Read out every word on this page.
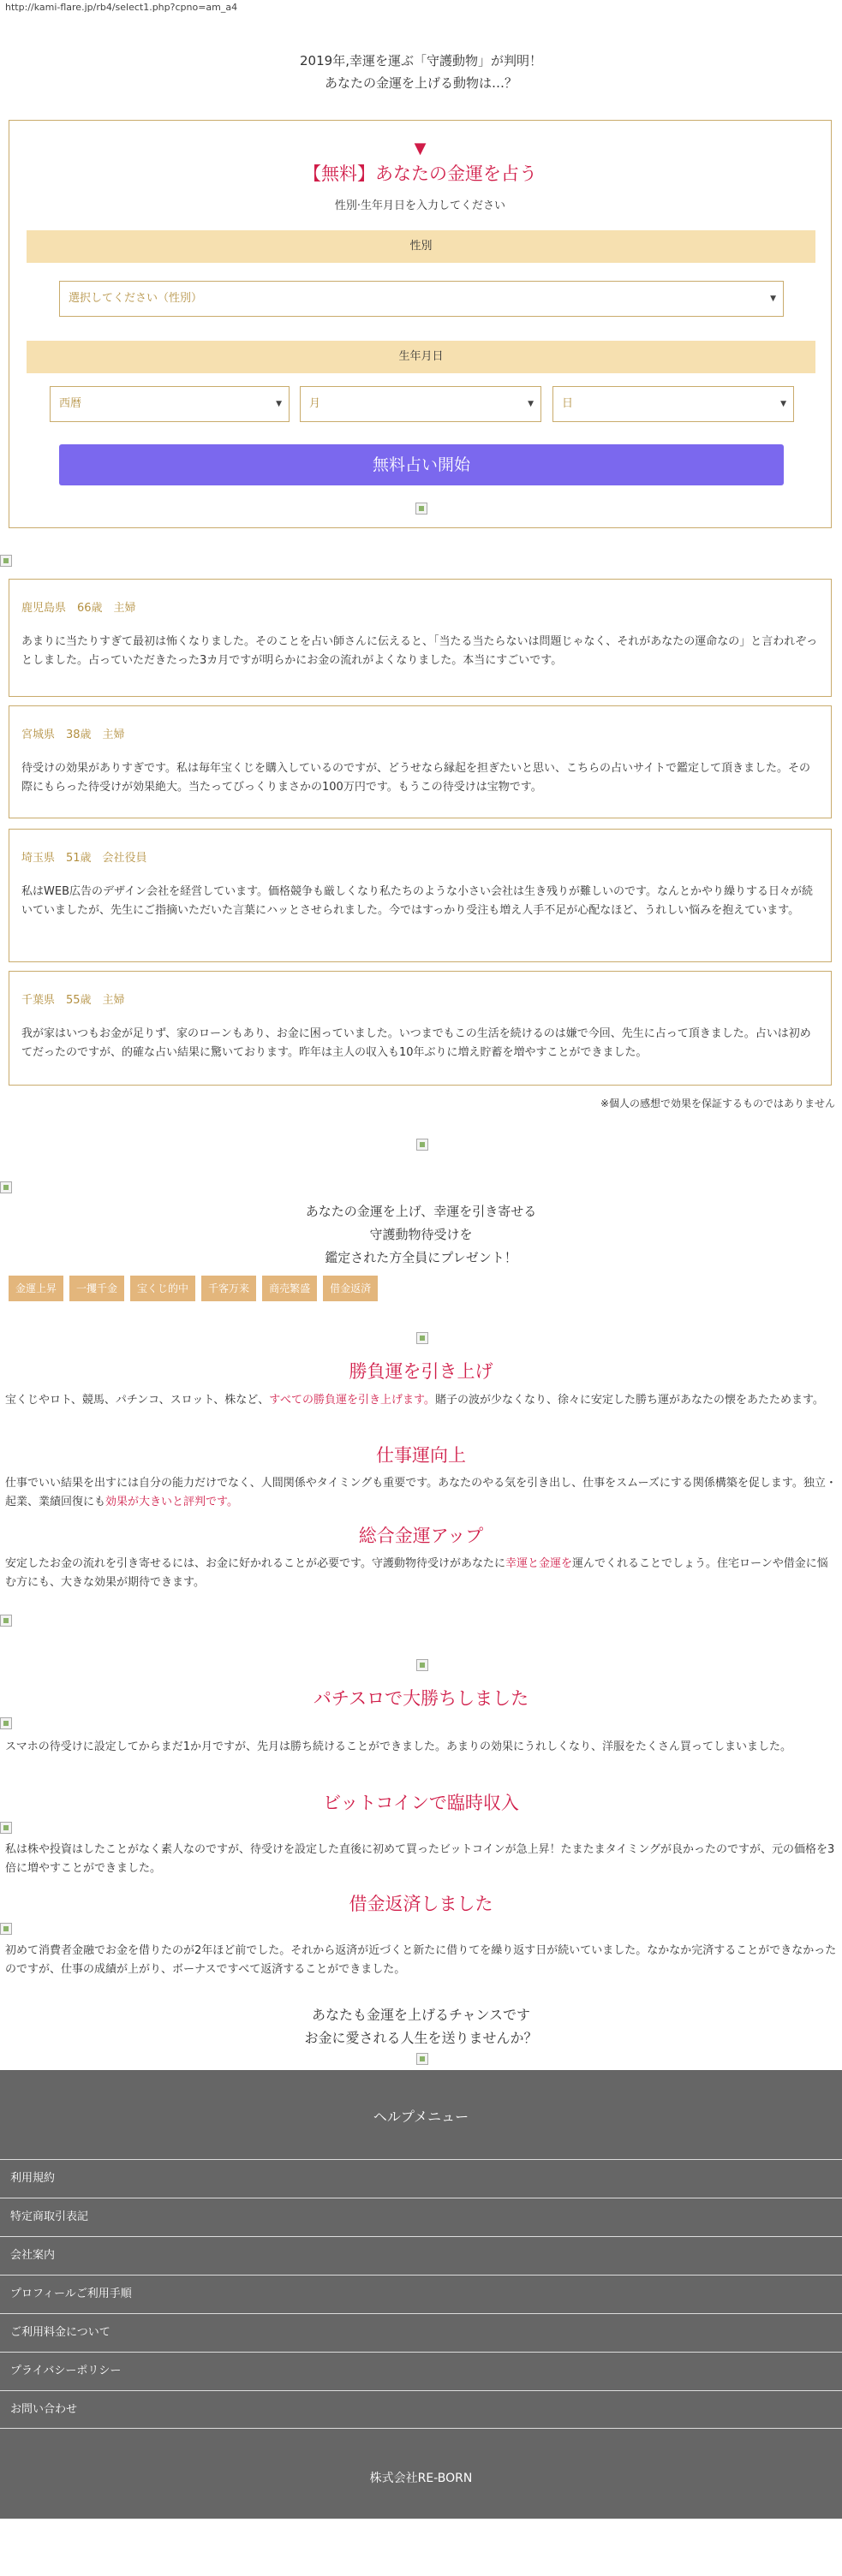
http://kami-flare.jp/rb4/select1.php?cpno=am_a4
2019年,幸運を運ぶ「守護動物」が判明！
あなたの金運を上げる動物は…？
▼
【無料】あなたの金運を占う
性別·生年月日を入力してください
性別
選択してください（性別）	▼
生年月日
西暦	▼	月	▼	日	▼
無料占い開始
鹿児島県　66歳　主婦
あまりに当たりすぎて最初は怖くなりました。そのことを占い師さんに伝えると、「当たる当たらないは問題じゃなく、それがあなたの運命なの」と言われぞっとしました。占っていただきたった3カ月ですが明らかにお金の流れがよくなりました。本当にすごいです。
宮城県　38歳　主婦
待受けの効果がありすぎです。私は毎年宝くじを購入しているのですが、どうせなら縁起を担ぎたいと思い、こちらの占いサイトで鑑定して頂きました。その際にもらった待受けが効果絶大。当たってびっくりまさかの100万円です。もうこの待受けは宝物です。
埼玉県　51歳　会社役員
私はWEB広告のデザイン会社を経営しています。価格競争も厳しくなり私たちのような小さい会社は生き残りが難しいのです。なんとかやり繰りする日々が続いていましたが、先生にご指摘いただいた言葉にハッとさせられました。今ではすっかり受注も増え人手不足が心配なほど、うれしい悩みを抱えています。
千葉県　55歳　主婦
我が家はいつもお金が足りず、家のローンもあり、お金に困っていました。いつまでもこの生活を続けるのは嫌で今回、先生に占って頂きました。占いは初めてだったのですが、的確な占い結果に驚いております。昨年は主人の収入も10年ぶりに増え貯蓄を増やすことができました。
※個人の感想で効果を保証するものではありません
あなたの金運を上げ、幸運を引き寄せる
守護動物待受けを
鑑定された方全員にプレゼント！
金運上昇	一攫千金	宝くじ的中	千客万来	商売繁盛	借金返済
勝負運を引き上げ
宝くじやロト、競馬、パチンコ、スロット、株など、すべての勝負運を引き上げます。賭子の波が少なくなり、徐々に安定した勝ち運があなたの懐をあたためます。
仕事運向上
仕事でいい結果を出すには自分の能力だけでなく、人間関係やタイミングも重要です。あなたのやる気を引き出し、仕事をスムーズにする関係構築を促します。独立・起業、業績回復にも効果が大きいと評判です。
総合金運アップ
安定したお金の流れを引き寄せるには、お金に好かれることが必要です。守護動物待受けがあなたに幸運と金運を運んでくれることでしょう。住宅ローンや借金に悩む方にも、大きな効果が期待できます。
パチスロで大勝ちしました
スマホの待受けに設定してからまだ1か月ですが、先月は勝ち続けることができました。あまりの効果にうれしくなり、洋服をたくさん買ってしまいました。
ビットコインで臨時収入
私は株や投資はしたことがなく素人なのですが、待受けを設定した直後に初めて買ったビットコインが急上昇！たまたまタイミングが良かったのですが、元の価格を3倍に増やすことができました。
借金返済しました
初めて消費者金融でお金を借りたのが2年ほど前でした。それから返済が近づくと新たに借りてを繰り返す日が続いていました。なかなか完済することができなかったのですが、仕事の成績が上がり、ボーナスですべて返済することができました。
あなたも金運を上げるチャンスです
お金に愛される人生を送りませんか？
ヘルプメニュー
利用規約
特定商取引表記
会社案内
プロフィールご利用手順
ご利用料金について
プライバシーポリシー
お問い合わせ
株式会社RE-BORN
